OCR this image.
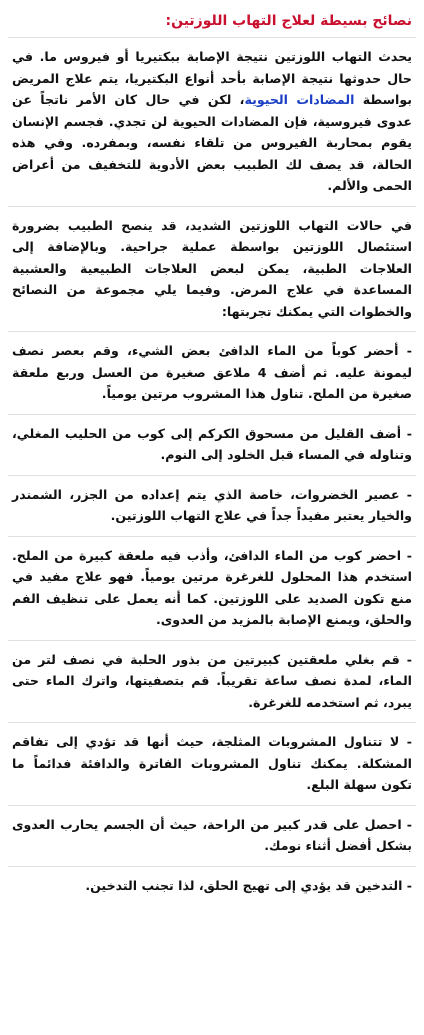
نصائح بسيطة لعلاج التهاب اللوزتين:
يحدث التهاب اللوزتين نتيجة الإصابة ببكتيريا أو فيروس ما. في حال حدوثها نتيجة الإصابة بأحد أنواع البكتيريا، يتم علاج المريض بواسطة المضادات الحيوية، لكن في حال كان الأمر ناتجاً عن عدوى فيروسية، فإن المضادات الحيوية لن تجدي. فجسم الإنسان يقوم بمحاربة الفيروس من تلقاء نفسه، وبمفرده. وفي هذه الحالة، قد يصف لك الطبيب بعض الأدوية للتخفيف من أعراض الحمى والألم.
في حالات التهاب اللوزتين الشديد، قد ينصح الطبيب بضرورة استئصال اللوزتين بواسطة عملية جراحية. وبالإضافة إلى العلاجات الطبية، يمكن لبعض العلاجات الطبيعية والعشبية المساعدة في علاج المرض. وفيما يلي مجموعة من النصائح والخطوات التي يمكنك تجربتها:
- أحضر كوباً من الماء الدافئ بعض الشيء، وقم بعصر نصف ليمونة عليه. ثم أضف 4 ملاعق صغيرة من العسل وربع ملعقة صغيرة من الملح. تناول هذا المشروب مرتين يومياً.
- أضف القليل من مسحوق الكركم إلى كوب من الحليب المغلي، وتناوله في المساء قبل الخلود إلى النوم.
- عصير الخضروات، خاصة الذي يتم إعداده من الجزر، الشمندر والخيار يعتبر مفيداً جداً في علاج التهاب اللوزتين.
- احضر كوب من الماء الدافئ، وأذب فيه ملعقة كبيرة من الملح. استخدم هذا المحلول للغرغرة مرتين يومياً. فهو علاج مفيد في منع تكون الصديد على اللوزتين. كما أنه يعمل على تنظيف الفم والحلق، ويمنع الإصابة بالمزيد من العدوى.
- قم بغلي ملعقتين كبيرتين من بذور الحلبة في نصف لتر من الماء، لمدة نصف ساعة تقريباً. قم بتصفيتها، واترك الماء حتى يبرد، ثم استخدمه للغرغرة.
- لا تتناول المشروبات المثلجة، حيث أنها قد تؤدي إلى تفاقم المشكلة. يمكنك تناول المشروبات الفاترة والدافئة فدائماً ما تكون سهلة البلع.
- احصل على قدر كبير من الراحة، حيث أن الجسم يحارب العدوى بشكل أفضل أثناء نومك.
- التدخين قد يؤدي إلى تهيج الحلق، لذا تجنب التدخين.
